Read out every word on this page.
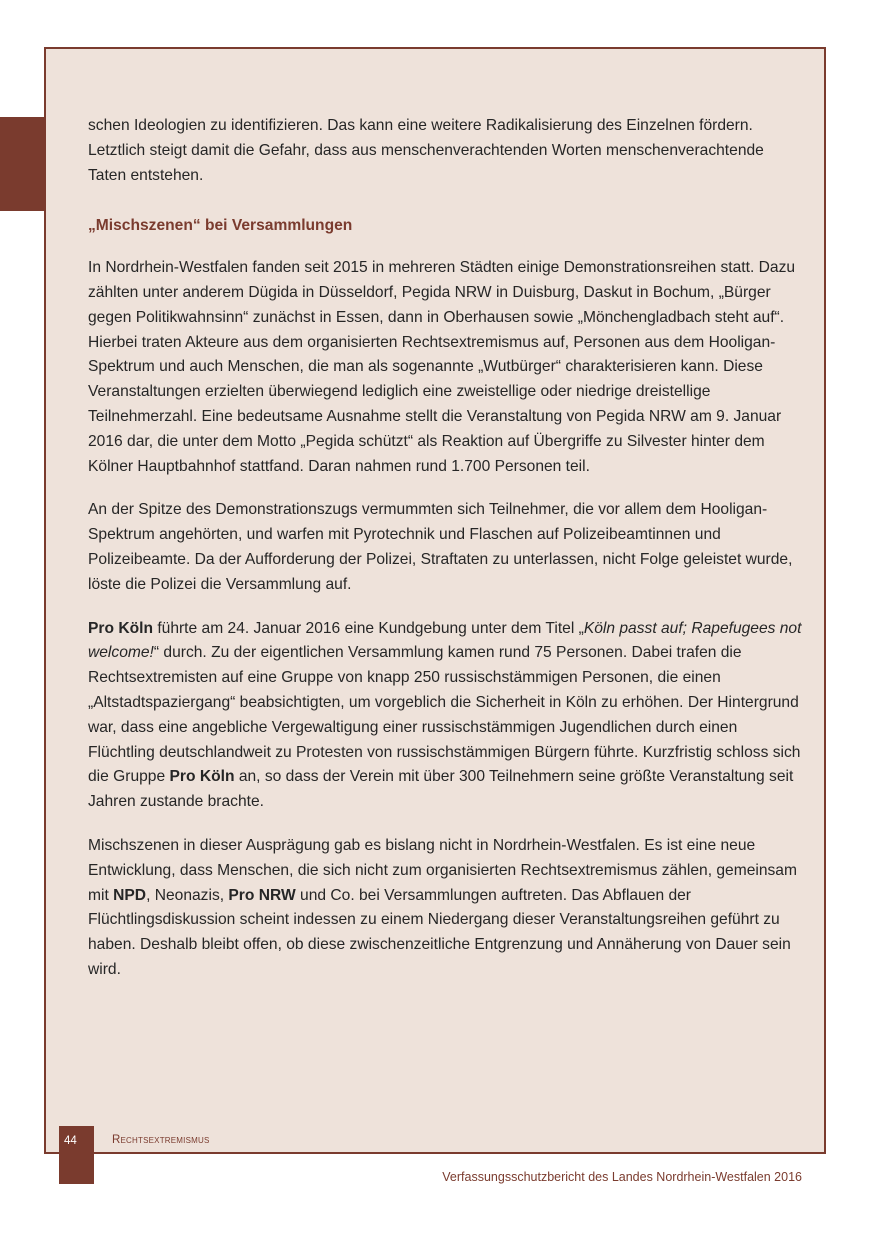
schen Ideologien zu identifizieren. Das kann eine weitere Radikalisierung des Einzelnen fördern. Letztlich steigt damit die Gefahr, dass aus menschenverachtenden Worten menschenverachtende Taten entstehen.

„Mischszenen“ bei Versammlungen

In Nordrhein-Westfalen fanden seit 2015 in mehreren Städten einige Demonstrationsreihen statt. Dazu zählten unter anderem Dügida in Düsseldorf, Pegida NRW in Duisburg, Daskut in Bochum, „Bürger gegen Politikwahnsinn“ zunächst in Essen, dann in Oberhausen sowie „Mönchengladbach steht auf“. Hierbei traten Akteure aus dem organisierten Rechtsextremismus auf, Personen aus dem Hooligan-Spektrum und auch Menschen, die man als sogenannte „Wutbürger“ charakterisieren kann. Diese Veranstaltungen erzielten überwiegend lediglich eine zweistellige oder niedrige dreistellige Teilnehmerzahl. Eine bedeutsame Ausnahme stellt die Veranstaltung von Pegida NRW am 9. Januar 2016 dar, die unter dem Motto „Pegida schützt“ als Reaktion auf Übergriffe zu Silvester hinter dem Kölner Hauptbahnhof stattfand. Daran nahmen rund 1.700 Personen teil.

An der Spitze des Demonstrationszugs vermummten sich Teilnehmer, die vor allem dem Hooligan-Spektrum angehörten, und warfen mit Pyrotechnik und Flaschen auf Polizeibeamtinnen und Polizeibeamte. Da der Aufforderung der Polizei, Straftaten zu unterlassen, nicht Folge geleistet wurde, löste die Polizei die Versammlung auf.

Pro Köln führte am 24. Januar 2016 eine Kundgebung unter dem Titel „Köln passt auf; Rapefugees not welcome!“ durch. Zu der eigentlichen Versammlung kamen rund 75 Personen. Dabei trafen die Rechtsextremisten auf eine Gruppe von knapp 250 russischstämmigen Personen, die einen „Altstadtspaziergang“ beabsichtigten, um vorgeblich die Sicherheit in Köln zu erhöhen. Der Hintergrund war, dass eine angebliche Vergewaltigung einer russischstämmigen Jugendlichen durch einen Flüchtling deutschlandweit zu Protesten von russischstämmigen Bürgern führte. Kurzfristig schloss sich die Gruppe Pro Köln an, so dass der Verein mit über 300 Teilnehmern seine größte Veranstaltung seit Jahren zustande brachte.

Mischszenen in dieser Ausprägung gab es bislang nicht in Nordrhein-Westfalen. Es ist eine neue Entwicklung, dass Menschen, die sich nicht zum organisierten Rechtsextremismus zählen, gemeinsam mit NPD, Neonazis, Pro NRW und Co. bei Versammlungen auftreten. Das Abflauen der Flüchtlingsdiskussion scheint indessen zu einem Niedergang dieser Veranstaltungsreihen geführt zu haben. Deshalb bleibt offen, ob diese zwischenzeitliche Entgrenzung und Annäherung von Dauer sein wird.

44	Rechtsextremismus
Verfassungsschutzbericht des Landes Nordrhein-Westfalen 2016
